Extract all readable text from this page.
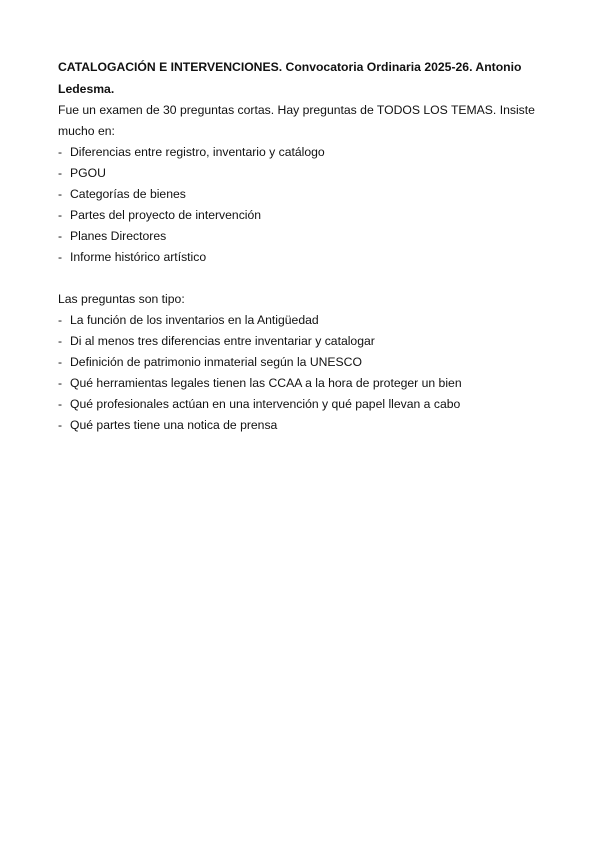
CATALOGACIÓN E INTERVENCIONES. Convocatoria Ordinaria 2025-26. Antonio Ledesma.

Fue un examen de 30 preguntas cortas. Hay preguntas de TODOS LOS TEMAS. Insiste mucho en:

- Diferencias entre registro, inventario y catálogo
- PGOU
- Categorías de bienes
- Partes del proyecto de intervención
- Planes Directores
- Informe histórico artístico

Las preguntas son tipo:

- La función de los inventarios en la Antigüedad
- Di al menos tres diferencias entre inventariar y catalogar
- Definición de patrimonio inmaterial según la UNESCO
- Qué herramientas legales tienen las CCAA a la hora de proteger un bien
- Qué profesionales actúan en una intervención y qué papel llevan a cabo
- Qué partes tiene una notica de prensa
